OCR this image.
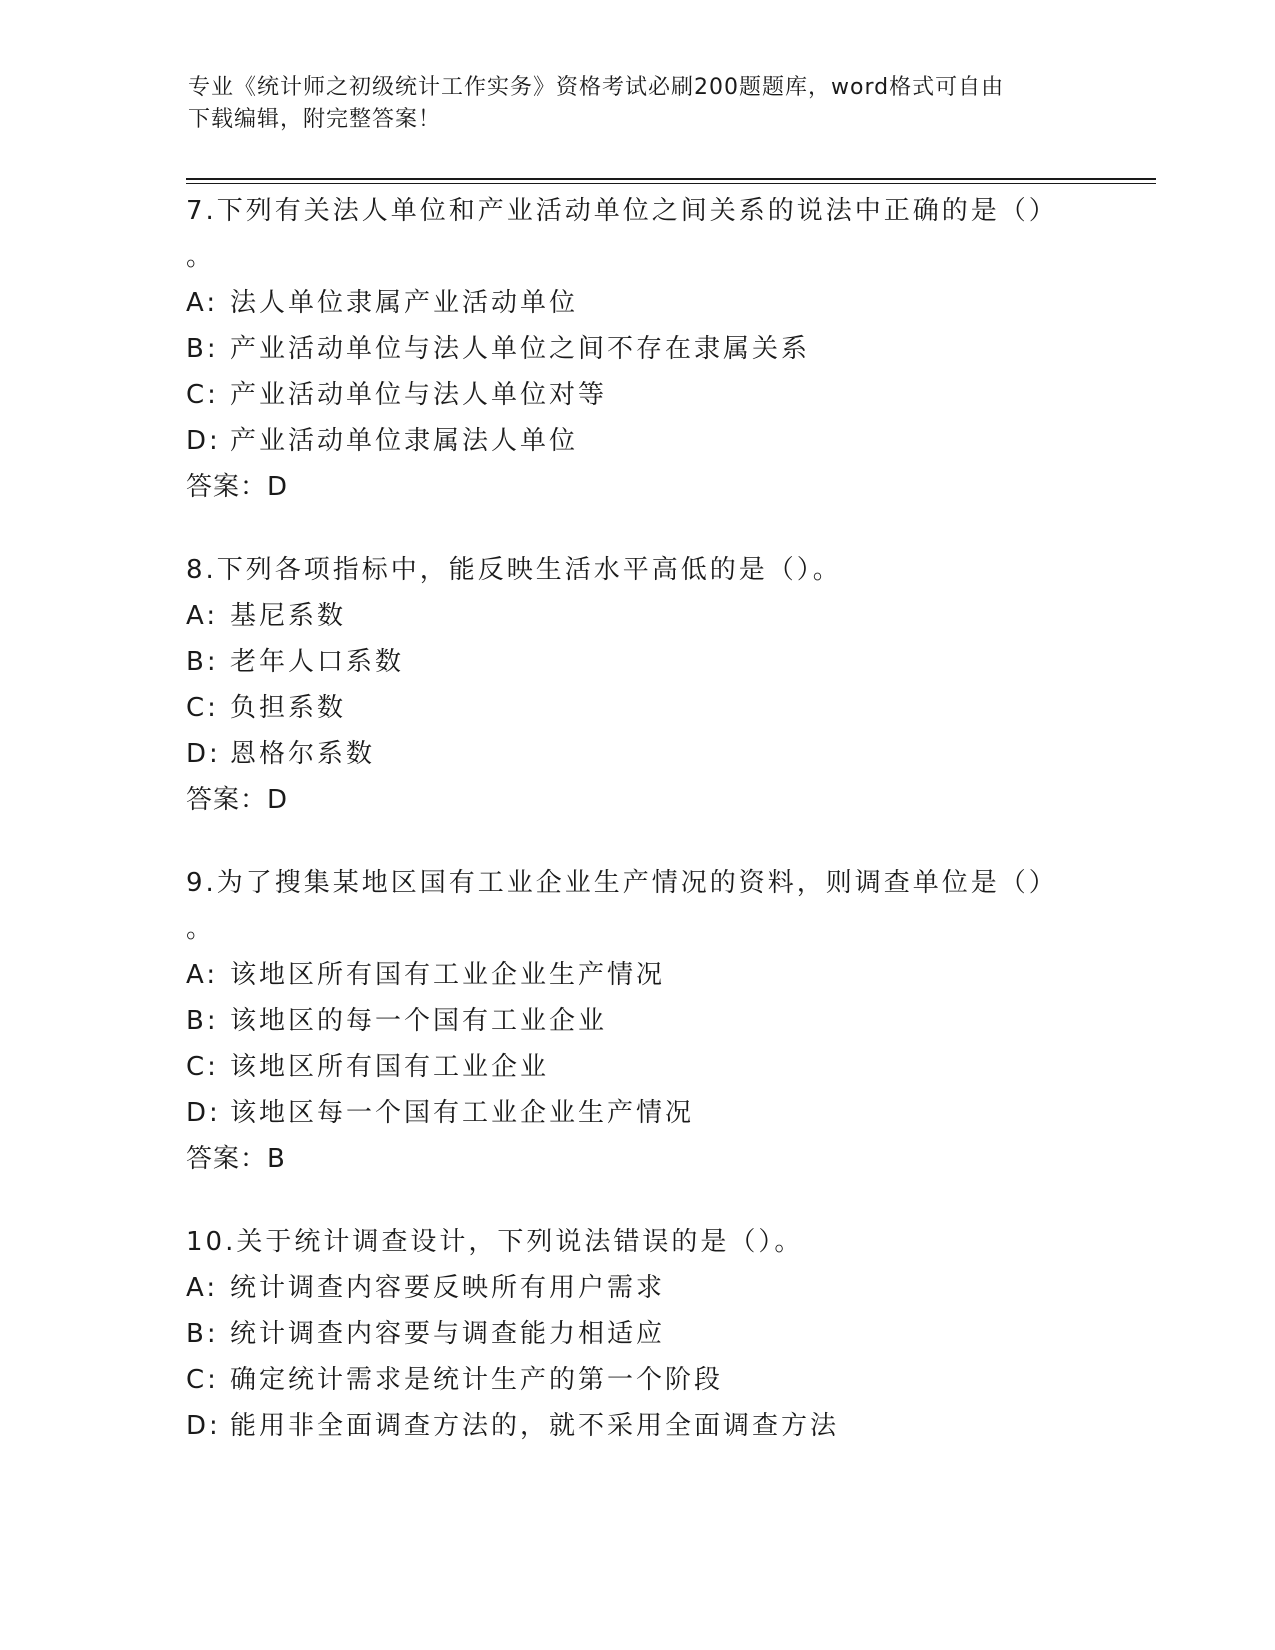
专业《统计师之初级统计工作实务》资格考试必刷200题题库，word格式可自由
下载编辑，附完整答案！
7.下列有关法人单位和产业活动单位之间关系的说法中正确的是（）
。
A: 法人单位隶属产业活动单位
B: 产业活动单位与法人单位之间不存在隶属关系
C: 产业活动单位与法人单位对等
D: 产业活动单位隶属法人单位
答案：D
8.下列各项指标中，能反映生活水平高低的是（）。
A: 基尼系数
B: 老年人口系数
C: 负担系数
D: 恩格尔系数
答案：D
9.为了搜集某地区国有工业企业生产情况的资料，则调查单位是（）
。
A: 该地区所有国有工业企业生产情况
B: 该地区的每一个国有工业企业
C: 该地区所有国有工业企业
D: 该地区每一个国有工业企业生产情况
答案：B
10.关于统计调查设计，下列说法错误的是（）。
A: 统计调查内容要反映所有用户需求
B: 统计调查内容要与调查能力相适应
C: 确定统计需求是统计生产的第一个阶段
D: 能用非全面调查方法的，就不采用全面调查方法
